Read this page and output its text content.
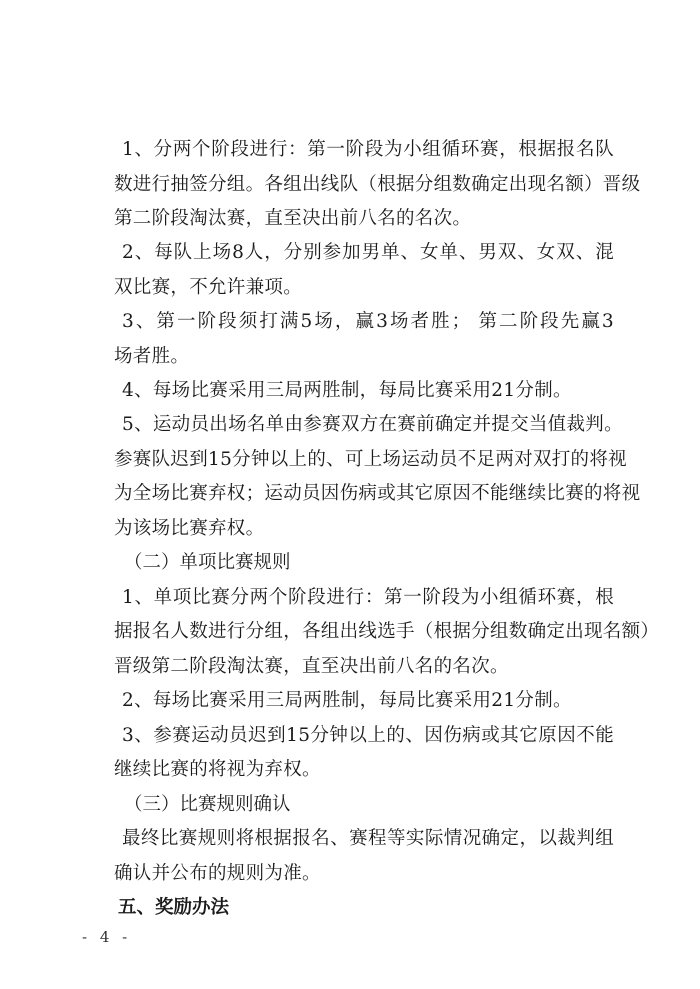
1、分两个阶段进行：第一阶段为小组循环赛，根据报名队
数进行抽签分组。各组出线队（根据分组数确定出现名额）晋级
第二阶段淘汰赛，直至决出前八名的名次。
2、每队上场8人，分别参加男单、女单、男双、女双、混
双比赛，不允许兼项。
3、第一阶段须打满5场，赢3场者胜； 第二阶段先赢3
场者胜。
4、每场比赛采用三局两胜制，每局比赛采用21分制。
5、运动员出场名单由参赛双方在赛前确定并提交当值裁判。
参赛队迟到15分钟以上的、可上场运动员不足两对双打的将视
为全场比赛弃权；运动员因伤病或其它原因不能继续比赛的将视
为该场比赛弃权。
（二）单项比赛规则
1、单项比赛分两个阶段进行：第一阶段为小组循环赛，根
据报名人数进行分组，各组出线选手（根据分组数确定出现名额）
晋级第二阶段淘汰赛，直至决出前八名的名次。
2、每场比赛采用三局两胜制，每局比赛采用21分制。
3、参赛运动员迟到15分钟以上的、因伤病或其它原因不能
继续比赛的将视为弃权。
（三）比赛规则确认
最终比赛规则将根据报名、赛程等实际情况确定，以裁判组
确认并公布的规则为准。
五、奖励办法
- 4 -
